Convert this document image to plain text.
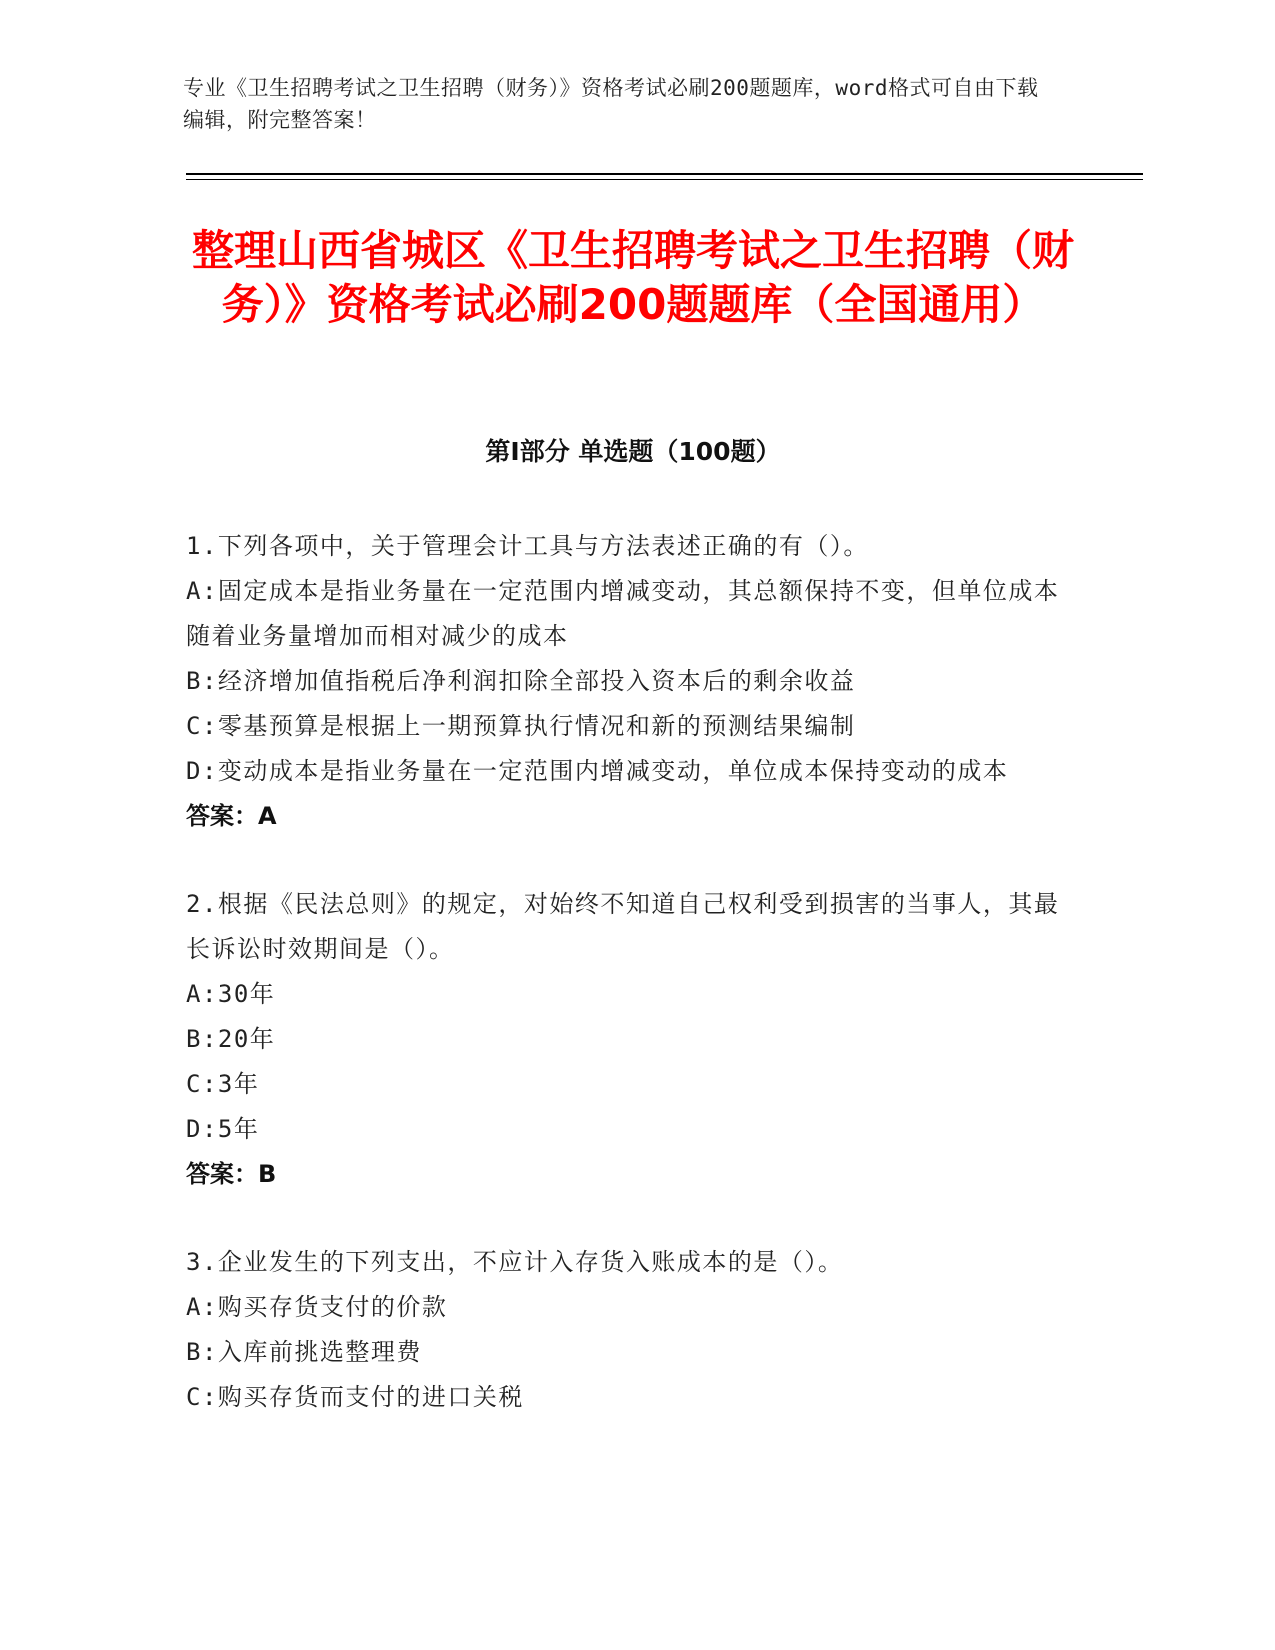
专业《卫生招聘考试之卫生招聘（财务）》资格考试必刷200题题库，word格式可自由下载编辑，附完整答案！
整理山西省城区《卫生招聘考试之卫生招聘（财务）》资格考试必刷200题题库（全国通用）
第I部分 单选题（100题）

1.下列各项中，关于管理会计工具与方法表述正确的有（）。

A:固定成本是指业务量在一定范围内增减变动，其总额保持不变，但单位成本随着业务量增加而相对减少的成本

B:经济增加值指税后净利润扣除全部投入资本后的剩余收益

C:零基预算是根据上一期预算执行情况和新的预测结果编制

D:变动成本是指业务量在一定范围内增减变动，单位成本保持变动的成本

答案：A

2.根据《民法总则》的规定，对始终不知道自己权利受到损害的当事人，其最长诉讼时效期间是（）。

A:30年

B:20年

C:3年

D:5年

答案：B

3.企业发生的下列支出，不应计入存货入账成本的是（）。

A:购买存货支付的价款

B:入库前挑选整理费

C:购买存货而支付的进口关税
